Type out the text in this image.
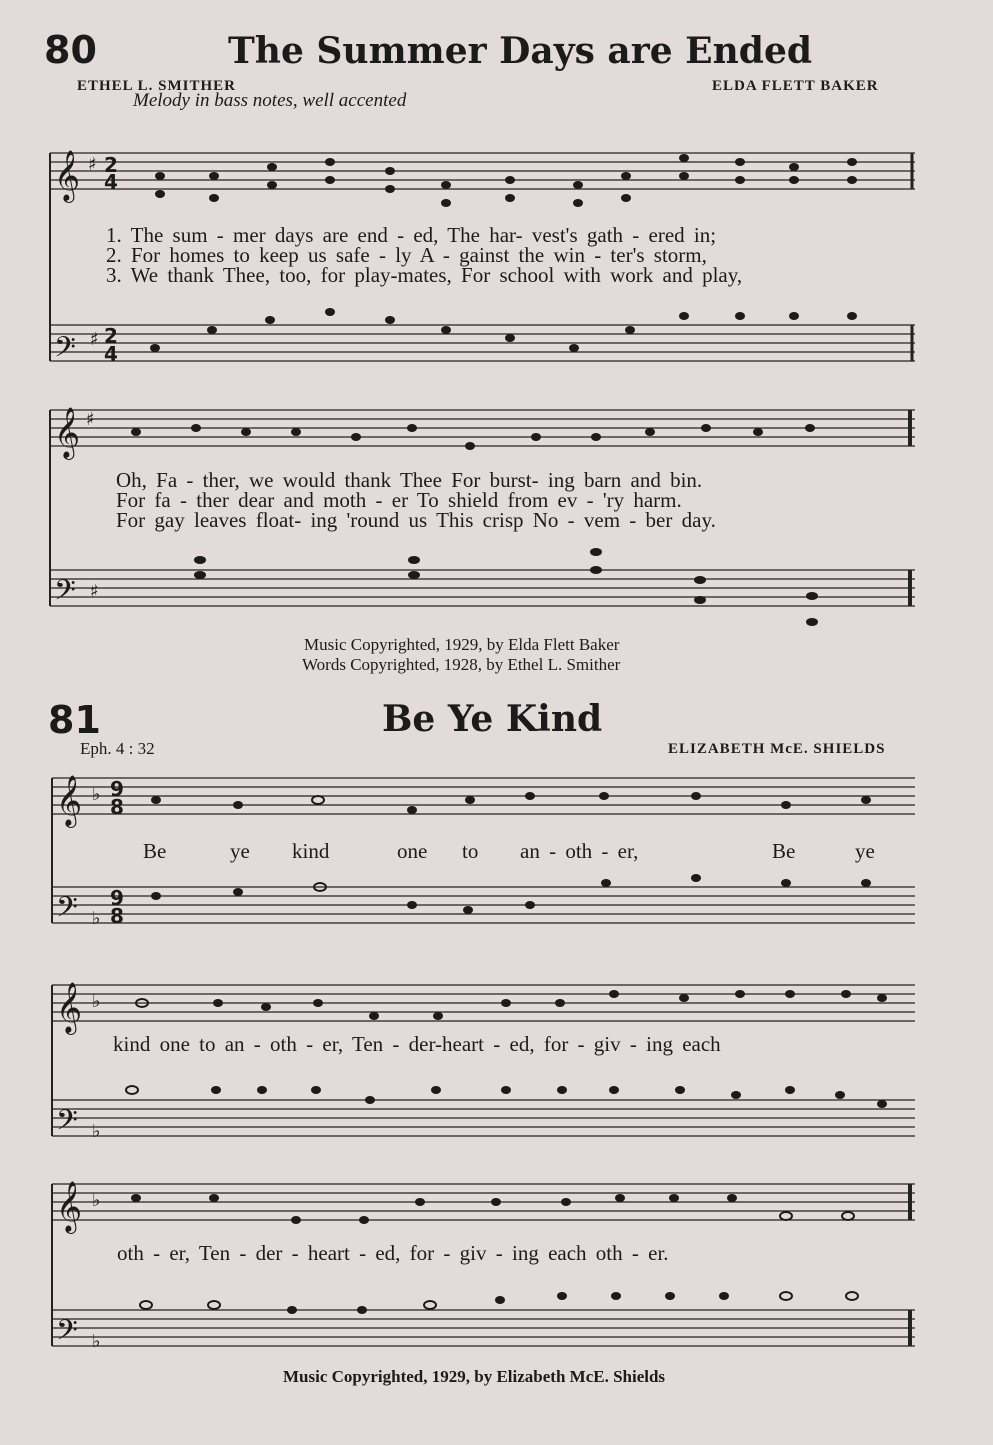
80	The Summer Days are Ended
ETHEL L. SMITHER	ELDA FLETT BAKER
Melody in bass notes, well accented
𝄞
𝄢
♯ 2
4
♯ 2
4
𝄞 ♯
𝄢 ♯
𝄞 ♭ 9
8
𝄢 ♭
9
8
𝄞 ♭
𝄢 ♭
𝄞 ♭
𝄢 ♭
1. The sum - mer days are end - ed, The har- vest's gath - ered in;
2. For homes to keep us safe - ly A - gainst the win - ter's storm,
3. We thank Thee, too, for play-mates, For school with work and play,
Oh, Fa - ther, we would thank Thee For burst- ing barn and bin.
For fa - ther dear and moth - er To shield from ev - 'ry harm.
For gay leaves float- ing 'round us This crisp No - vem - ber day.
Music Copyrighted, 1929, by Elda Flett Baker
Words Copyrighted, 1928, by Ethel L. Smither
81	Be Ye Kind
Eph. 4 : 32	ELIZABETH McE. SHIELDS
Be	ye kind	one to an - oth - er,	Be	ye
kind one to an - oth - er, Ten - der-heart - ed, for - giv - ing each
oth - er, Ten - der - heart - ed, for - giv - ing each oth - er.
Music Copyrighted, 1929, by Elizabeth McE. Shields
